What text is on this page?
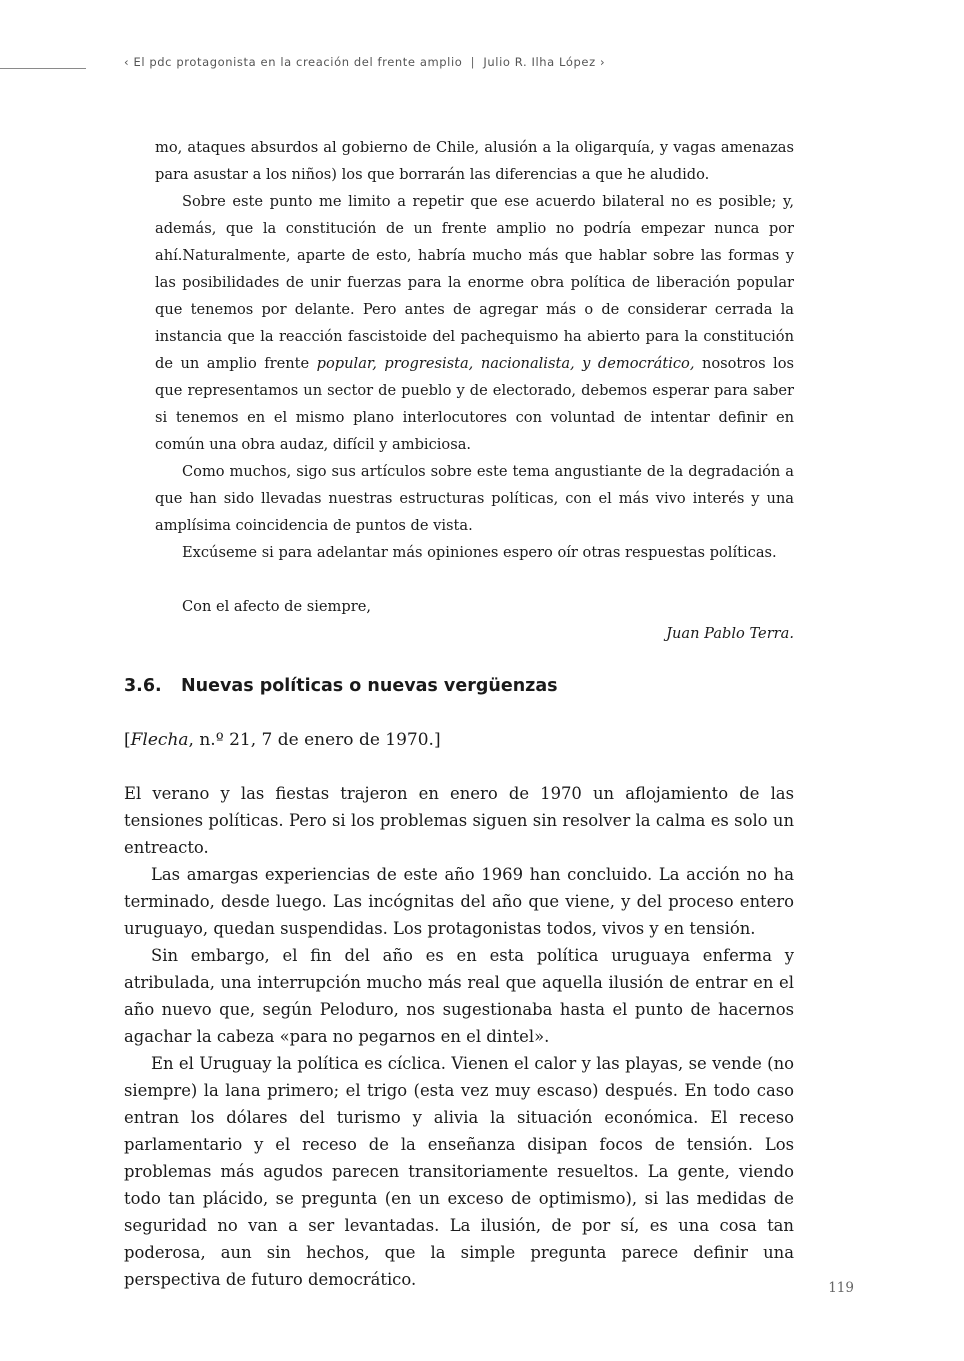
‹ El pdc protagonista en la creación del frente amplio | Julio R. Ilha López ›

mo, ataques absurdos al gobierno de Chile, alusión a la oligarquía, y vagas amenazas para asustar a los niños) los que borrarán las diferencias a que he aludido.

Sobre este punto me limito a repetir que ese acuerdo bilateral no es posible; y, además, que la constitución de un frente amplio no podría empezar nunca por ahí.Naturalmente, aparte de esto, habría mucho más que hablar sobre las formas y las posibilidades de unir fuerzas para la enorme obra política de liberación popular que tenemos por delante. Pero antes de agregar más o de considerar cerrada la instancia que la reacción fascistoide del pachequismo ha abierto para la constitución de un amplio frente popular, progresista, nacionalista, y democrático, nosotros los que representamos un sector de pueblo y de electorado, debemos esperar para saber si tenemos en el mismo plano interlocutores con voluntad de intentar definir en común una obra audaz, difícil y ambiciosa.

Como muchos, sigo sus artículos sobre este tema angustiante de la degradación a que han sido llevadas nuestras estructuras políticas, con el más vivo interés y una amplísima coincidencia de puntos de vista.

Excúseme si para adelantar más opiniones espero oír otras respuestas políticas.

Con el afecto de siempre,

Juan Pablo Terra.

3.6. Nuevas políticas o nuevas vergüenzas
[Flecha, n.º 21, 7 de enero de 1970.]

El verano y las fiestas trajeron en enero de 1970 un aflojamiento de las tensiones políticas. Pero si los problemas siguen sin resolver la calma es solo un entreacto.

Las amargas experiencias de este año 1969 han concluido. La acción no ha terminado, desde luego. Las incógnitas del año que viene, y del proceso entero uruguayo, quedan suspendidas. Los protagonistas todos, vivos y en tensión.

Sin embargo, el fin del año es en esta política uruguaya enferma y atribulada, una interrupción mucho más real que aquella ilusión de entrar en el año nuevo que, según Peloduro, nos sugestionaba hasta el punto de hacernos agachar la cabeza «para no pegarnos en el dintel».

En el Uruguay la política es cíclica. Vienen el calor y las playas, se vende (no siempre) la lana primero; el trigo (esta vez muy escaso) después. En todo caso entran los dólares del turismo y alivia la situación económica. El receso parlamentario y el receso de la enseñanza disipan focos de tensión. Los problemas más agudos parecen transitoriamente resueltos. La gente, viendo todo tan plácido, se pregunta (en un exceso de optimismo), si las medidas de seguridad no van a ser levantadas. La ilusión, de por sí, es una cosa tan poderosa, aun sin hechos, que la simple pregunta parece definir una perspectiva de futuro democrático.	119
